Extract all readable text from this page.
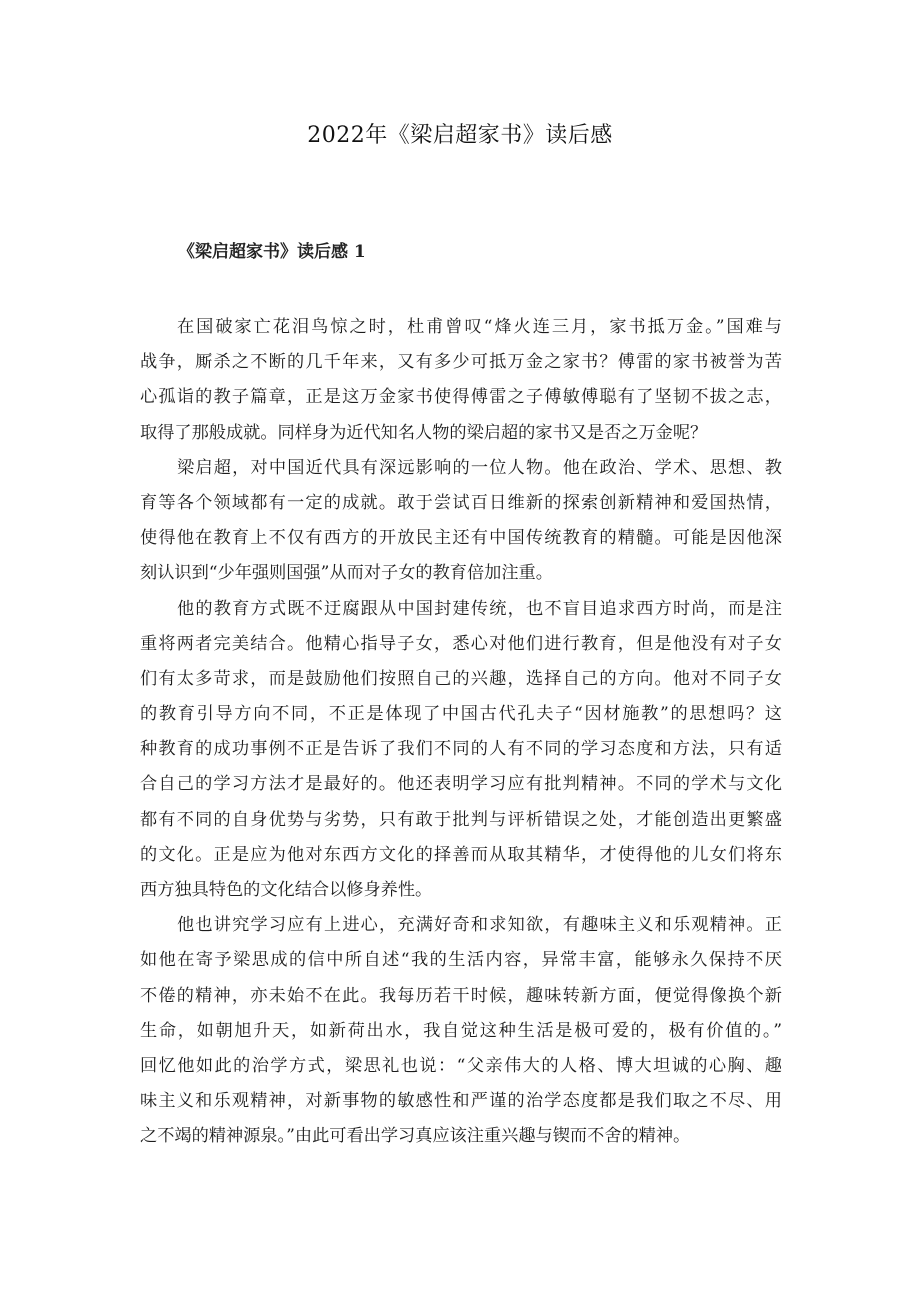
2022年《梁启超家书》读后感
《梁启超家书》读后感 1
在国破家亡花泪鸟惊之时，杜甫曾叹“烽火连三月，家书抵万金。”国难与
战争，厮杀之不断的几千年来，又有多少可抵万金之家书？傅雷的家书被誉为苦
心孤诣的教子篇章，正是这万金家书使得傅雷之子傅敏傅聪有了坚韧不拔之志，
取得了那般成就。同样身为近代知名人物的梁启超的家书又是否之万金呢？
梁启超，对中国近代具有深远影响的一位人物。他在政治、学术、思想、教
育等各个领域都有一定的成就。敢于尝试百日维新的探索创新精神和爱国热情，
使得他在教育上不仅有西方的开放民主还有中国传统教育的精髓。可能是因他深
刻认识到“少年强则国强”从而对子女的教育倍加注重。
他的教育方式既不迂腐跟从中国封建传统，也不盲目追求西方时尚，而是注
重将两者完美结合。他精心指导子女，悉心对他们进行教育，但是他没有对子女
们有太多苛求，而是鼓励他们按照自己的兴趣，选择自己的方向。他对不同子女
的教育引导方向不同，不正是体现了中国古代孔夫子“因材施教”的思想吗？这
种教育的成功事例不正是告诉了我们不同的人有不同的学习态度和方法，只有适
合自己的学习方法才是最好的。他还表明学习应有批判精神。不同的学术与文化
都有不同的自身优势与劣势，只有敢于批判与评析错误之处，才能创造出更繁盛
的文化。正是应为他对东西方文化的择善而从取其精华，才使得他的儿女们将东
西方独具特色的文化结合以修身养性。
他也讲究学习应有上进心，充满好奇和求知欲，有趣味主义和乐观精神。正
如他在寄予梁思成的信中所自述“我的生活内容，异常丰富，能够永久保持不厌
不倦的精神，亦未始不在此。我每历若干时候，趣味转新方面，便觉得像换个新
生命，如朝旭升天，如新荷出水，我自觉这种生活是极可爱的，极有价值的。”
回忆他如此的治学方式，梁思礼也说：“父亲伟大的人格、博大坦诚的心胸、趣
味主义和乐观精神，对新事物的敏感性和严谨的治学态度都是我们取之不尽、用
之不竭的精神源泉。”由此可看出学习真应该注重兴趣与锲而不舍的精神。
